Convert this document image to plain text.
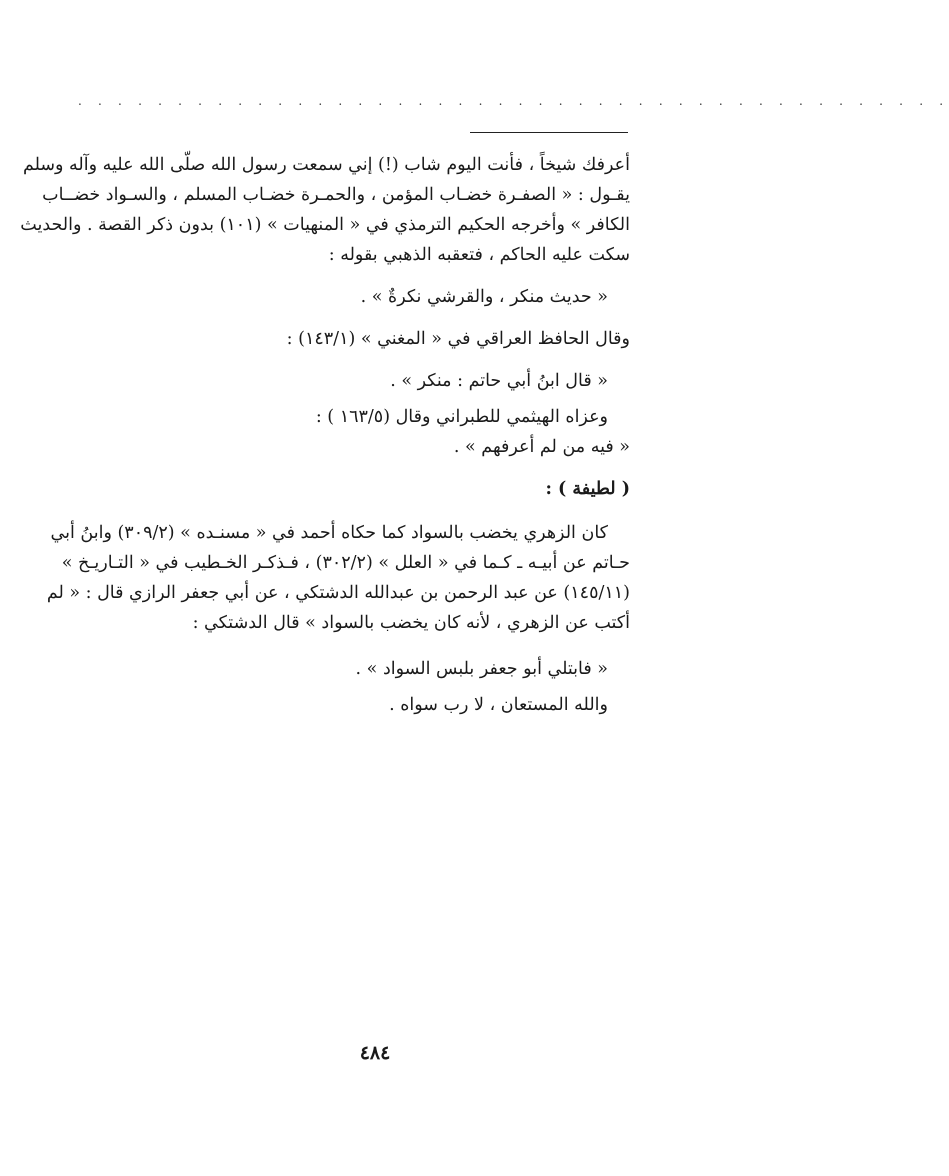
. . . . . . . . . . . . . . . . . . . . . . . . . . . . . . . . . . . . . . . . . . . .

أعرفك شيخاً ، فأنت اليوم شاب (!) إني سمعت رسول الله صلّى الله عليه وآله وسلم
يقـول : « الصفـرة خضـاب المؤمن ، والحمـرة خضـاب المسلم ، والسـواد خضــاب
الكافر » وأخرجه الحكيم الترمذي في « المنهيات » (١٠١) بدون ذكر القصة . والحديث
سكت عليه الحاكم ، فتعقبه الذهبي بقوله :

« حديث منكر ، والقرشي نكرةٌ » .

وقال الحافظ العراقي في « المغني » (١٤٣/١) :

« قال ابنُ أبي حاتم : منكر » .

وعزاه الهيثمي للطبراني وقال (١٦٣/٥ ) :

« فيه من لم أعرفهم » .

( لطيفة ) :

كان الزهري يخضب بالسواد كما حكاه أحمد في « مسنـده » (٣٠٩/٢) وابنُ أبي
حـاتم عن أبيـه ـ كـما في « العلل » (٣٠٢/٢) ، فـذكـر الخـطيب في « التـاريـخ »
(١٤٥/١١) عن عبد الرحمن بن عبدالله الدشتكي ، عن أبي جعفر الرازي قال : « لم
أكتب عن الزهري ، لأنه كان يخضب بالسواد » قال الدشتكي :

« فابتلي أبو جعفر بلبس السواد » .

والله المستعان ، لا رب سواه .

٤٨٤
